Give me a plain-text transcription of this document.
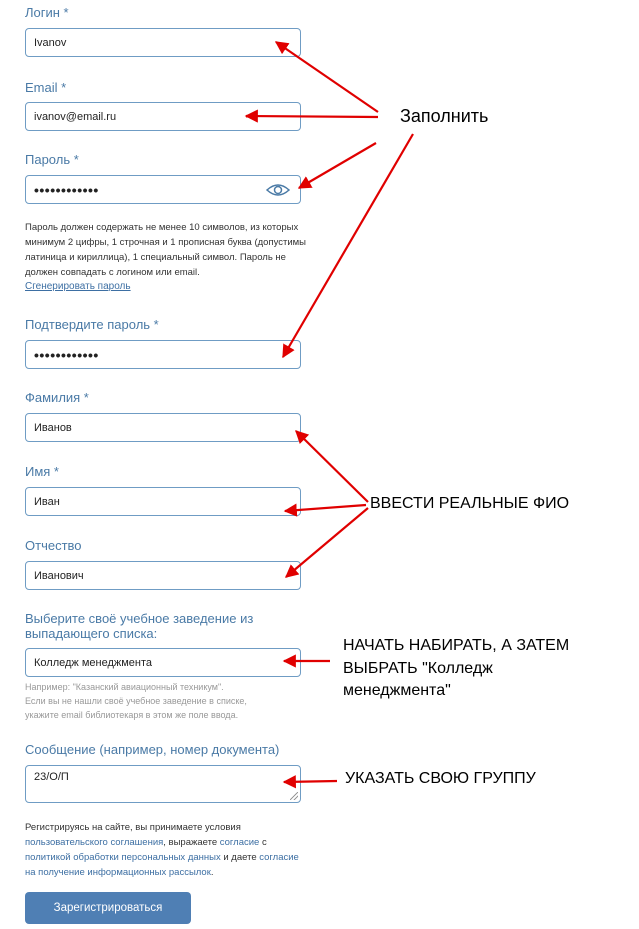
Логин *
Ivanov
Email *
ivanov@email.ru
Пароль *
••••••••••••
Пароль должен содержать не менее 10 символов, из которых минимум 2 цифры, 1 строчная и 1 прописная буква (допустимы латиница и кириллица), 1 специальный символ. Пароль не должен совпадать с логином или email.
Сгенерировать пароль
Подтвердите пароль *
••••••••••••
Фамилия *
Иванов
Имя *
Иван
Отчество
Иванович
Выберите своё учебное заведение из
выпадающего списка:
Колледж менеджмента
Например: "Казанский авиационный техникум".
Если вы не нашли своё учебное заведение в списке,
укажите email библиотекаря в этом же поле ввода.
Сообщение (например, номер документа)
23/О/П
Регистрируясь на сайте, вы принимаете условия
пользовательского соглашения, выражаете согласие с
политикой обработки персональных данных и даете согласие
на получение информационных рассылок.
Зарегистрироваться
Заполнить
ВВЕСТИ РЕАЛЬНЫЕ ФИО
НАЧАТЬ НАБИРАТЬ, А ЗАТЕМ
ВЫБРАТЬ "Колледж
менеджмента"
УКАЗАТЬ СВОЮ ГРУППУ
